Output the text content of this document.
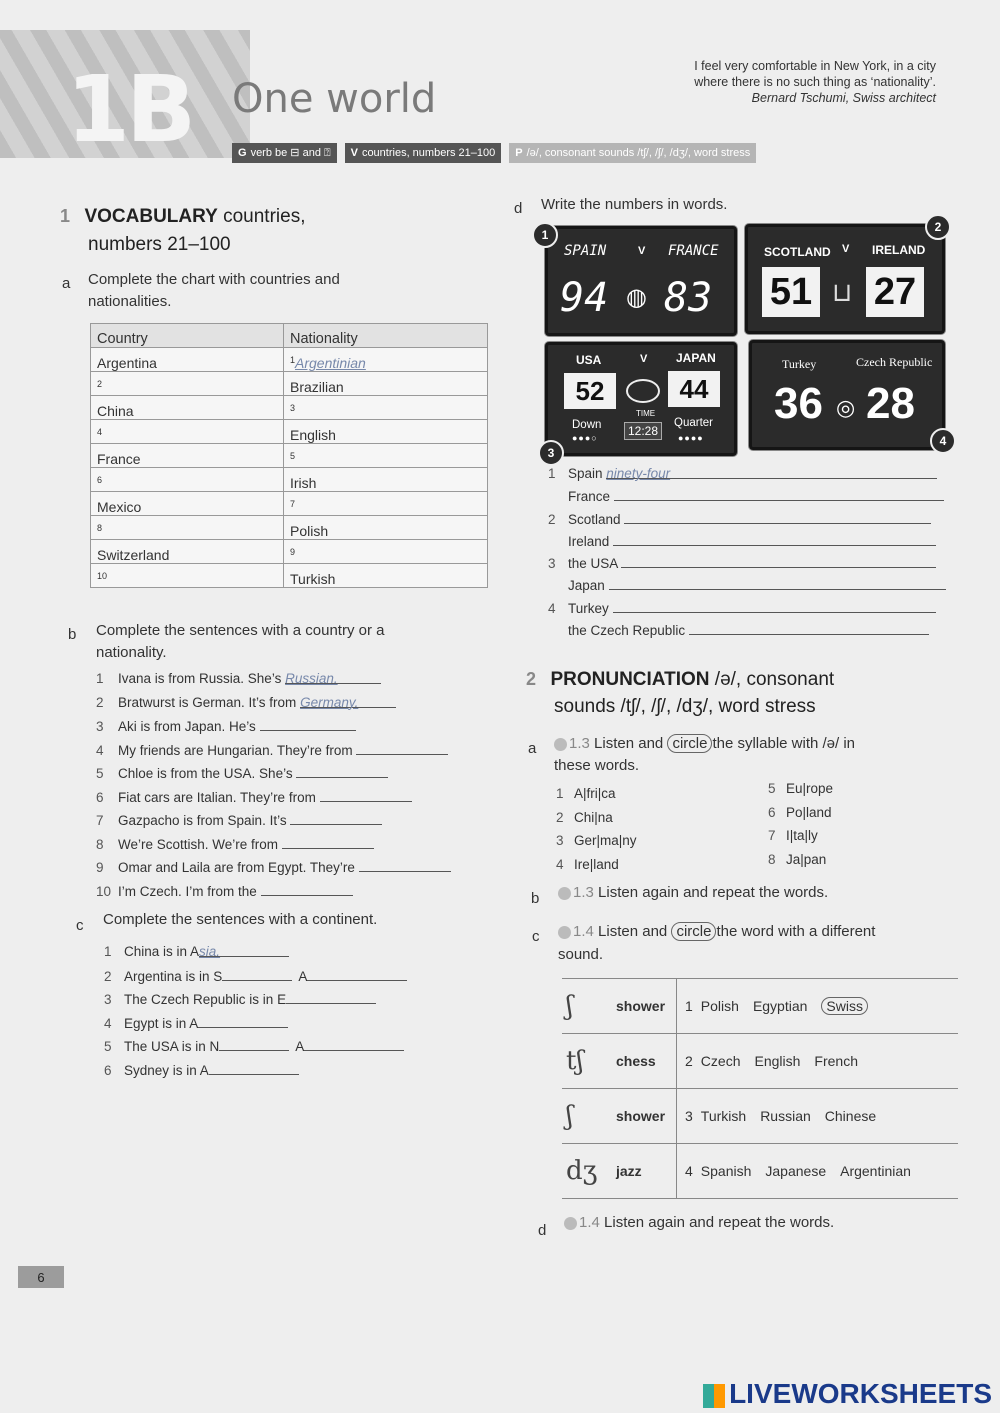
1B One world
I feel very comfortable in New York, in a city
where there is no such thing as ‘nationality’.
Bernard Tschumi, Swiss architect
G verb be ⊟ and ⍰ V countries, numbers 21–100 P /ə/, consonant sounds /tʃ/, /ʃ/, /dʒ/, word stress
1 VOCABULARY countries,
numbers 21–100
a Complete the chart with countries and nationalities.
Country	Nationality
Argentina	$^1$Argentinian
$^2$	Brazilian
China	$^3$
$^4$	English
France	$^5$
$^6$	Irish
Mexico	$^7$
$^8$	Polish
Switzerland	$^9$
$^{10}$	Turkish
b Complete the sentences with a country or a nationality.
1 Ivana is from Russia. She’s Russian.
2 Bratwurst is German. It’s from Germany.
3 Aki is from Japan. He’s
4 My friends are Hungarian. They’re from
5 Chloe is from the USA. She’s
6 Fiat cars are Italian. They’re from
7 Gazpacho is from Spain. It’s
8 We’re Scottish. We’re from
9 Omar and Laila are from Egypt. They’re
10 I’m Czech. I’m from the
c Complete the sentences with a continent.
1 China is in Asia.
2 Argentina is in S	A
3 The Czech Republic is in E
4 Egypt is in A
5 The USA is in N	A
6 Sydney is in A
d Write the numbers in words.
SPAIN	V FRANCE
94 ◍ 83
1
SCOTLAND V IRELAND
51 ⊔ 27
2
USA	V JAPAN
52	44
Down
●●●○
TIME
12:28
Quarter
●●●●
3
Turkey	Czech Republic
36 ◎ 28
4
1 Spain ninety-four
France
2 Scotland
Ireland
3 the USA
Japan
4 Turkey
the Czech Republic
2 PRONUNCIATION /ə/, consonant
sounds /tʃ/, /ʃ/, /dʒ/, word stress
a	1.3 Listen and circle the syllable with /ə/ in
these words.
1 A|fri|ca
2 Chi|na
3 Ger|ma|ny
4 Ire|land
5 Eu|rope
6 Po|land
7 I|ta|ly
8 Ja|pan
b	1.3 Listen again and repeat the words.
c	1.4 Listen and circle the word with a different
sound.
ʃ	shower	1 Polish Egyptian Swiss
tʃ	chess	2 Czech English French
ʃ	shower	3 Turkish Russian Chinese
dʒ	jazz	4 Spanish Japanese Argentinian
d	1.4 Listen again and repeat the words.
6
LIVEWORKSHEETS
